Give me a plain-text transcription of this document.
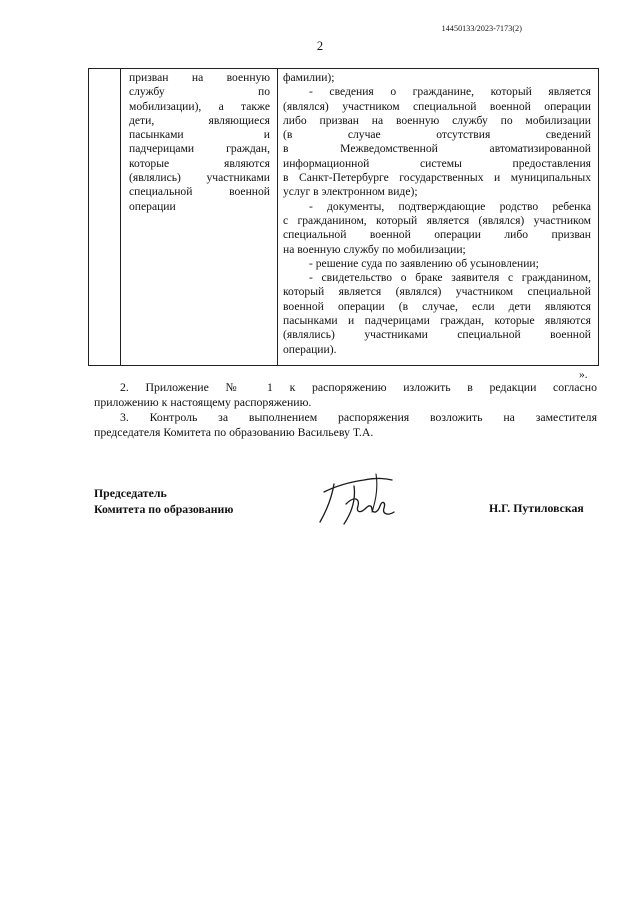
14450133/2023-7173(2)
2
призван на военную
службу по
мобилизации), а также
дети, являющиеся
пасынками и
падчерицами граждан,
которые являются
(являлись) участниками
специальной военной
операции
фамилии);
- сведения о гражданине, который является
(являлся) участником специальной военной операции
либо призван на военную службу по мобилизации
(в случае отсутствия сведений
в Межведомственной автоматизированной
информационной системы предоставления
в Санкт-Петербурге государственных и муниципальных
услуг в электронном виде);
- документы, подтверждающие родство ребенка
с гражданином, который является (являлся) участником
специальной военной операции либо призван
на военную службу по мобилизации;
- решение суда по заявлению об усыновлении;
- свидетельство о браке заявителя с гражданином,
который является (являлся) участником специальной
военной операции (в случае, если дети являются
пасынками и падчерицами граждан, которые являются
(являлись) участниками специальной военной
операции).
».
2. Приложение № 1 к распоряжению изложить в редакции согласно
приложению к настоящему распоряжению.
3. Контроль за выполнением распоряжения возложить на заместителя
председателя Комитета по образованию Васильеву Т.А.
Председатель
Комитета по образованию	Н.Г. Путиловская
